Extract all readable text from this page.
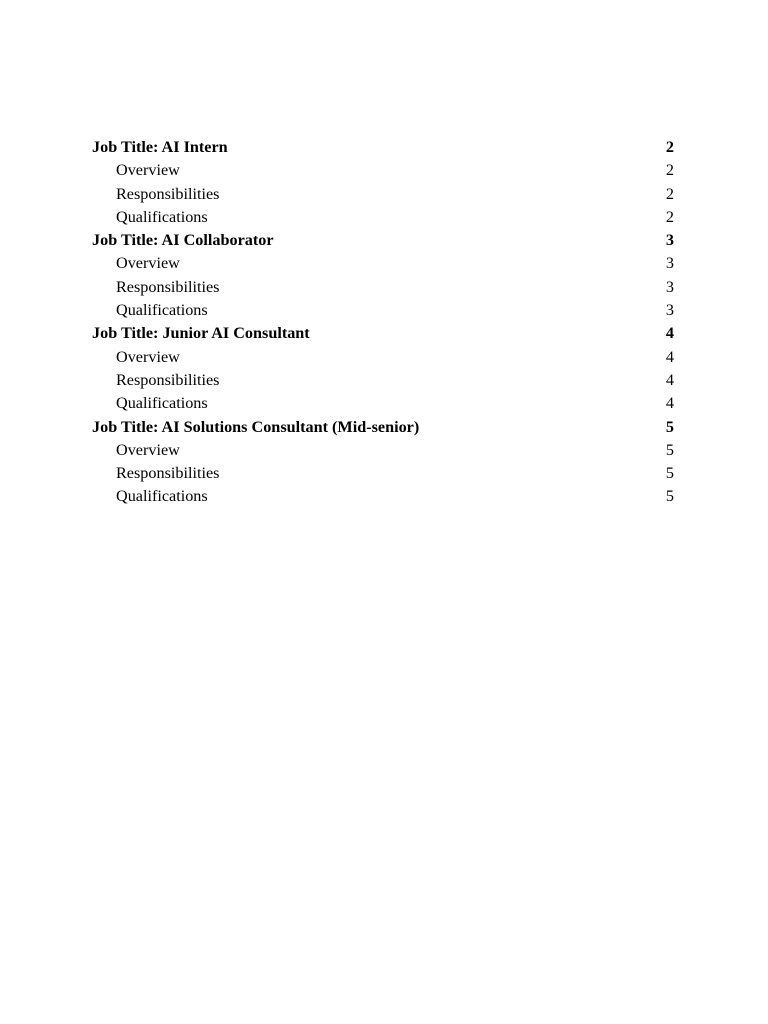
Job Title: AI Intern	2
Overview	2
Responsibilities	2
Qualifications	2
Job Title: AI Collaborator	3
Overview	3
Responsibilities	3
Qualifications	3
Job Title: Junior AI Consultant	4
Overview	4
Responsibilities	4
Qualifications	4
Job Title: AI Solutions Consultant (Mid-senior)	5
Overview	5
Responsibilities	5
Qualifications	5
